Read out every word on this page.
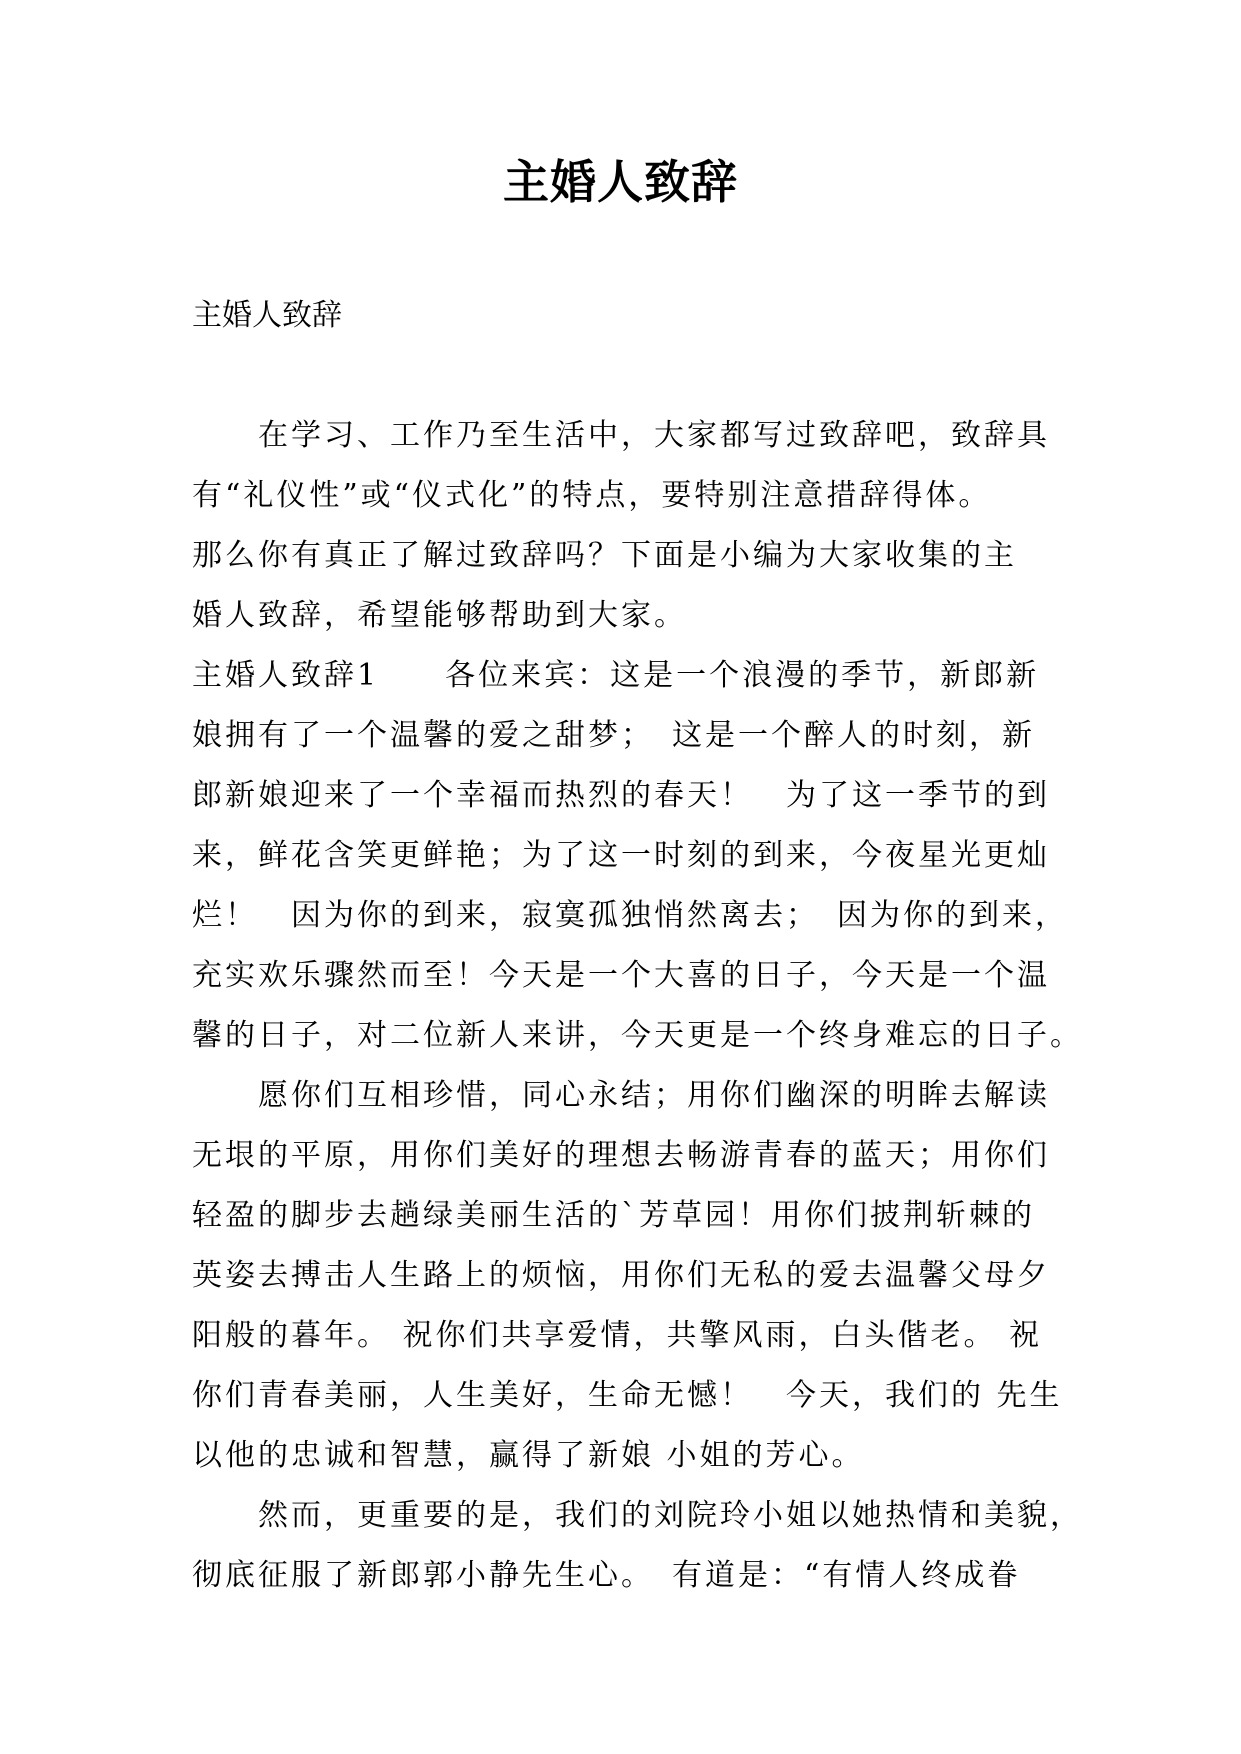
主婚人致辞
主婚人致辞
　　在学习、工作乃至生活中，大家都写过致辞吧，致辞具
有“礼仪性”或“仪式化”的特点，要特别注意措辞得体。
那么你有真正了解过致辞吗？下面是小编为大家收集的主
婚人致辞，希望能够帮助到大家。
主婚人致辞1　　各位来宾：这是一个浪漫的季节，新郎新
娘拥有了一个温馨的爱之甜梦；　这是一个醉人的时刻，新
郎新娘迎来了一个幸福而热烈的春天！　为了这一季节的到
来，鲜花含笑更鲜艳；为了这一时刻的到来，今夜星光更灿
烂！　因为你的到来，寂寞孤独悄然离去；　因为你的到来，
充实欢乐骤然而至！今天是一个大喜的日子，今天是一个温
馨的日子，对二位新人来讲，今天更是一个终身难忘的日子。
　　愿你们互相珍惜，同心永结；用你们幽深的明眸去解读
无垠的平原，用你们美好的理想去畅游青春的蓝天；用你们
轻盈的脚步去趟绿美丽生活的`芳草园！用你们披荆斩棘的
英姿去搏击人生路上的烦恼，用你们无私的爱去温馨父母夕
阳般的暮年。 祝你们共享爱情，共擎风雨，白头偕老。 祝
你们青春美丽，人生美好，生命无憾！　今天，我们的 先生
以他的忠诚和智慧，赢得了新娘 小姐的芳心。
　　然而，更重要的是，我们的刘院玲小姐以她热情和美貌，
彻底征服了新郎郭小静先生心。　有道是：“有情人终成眷
